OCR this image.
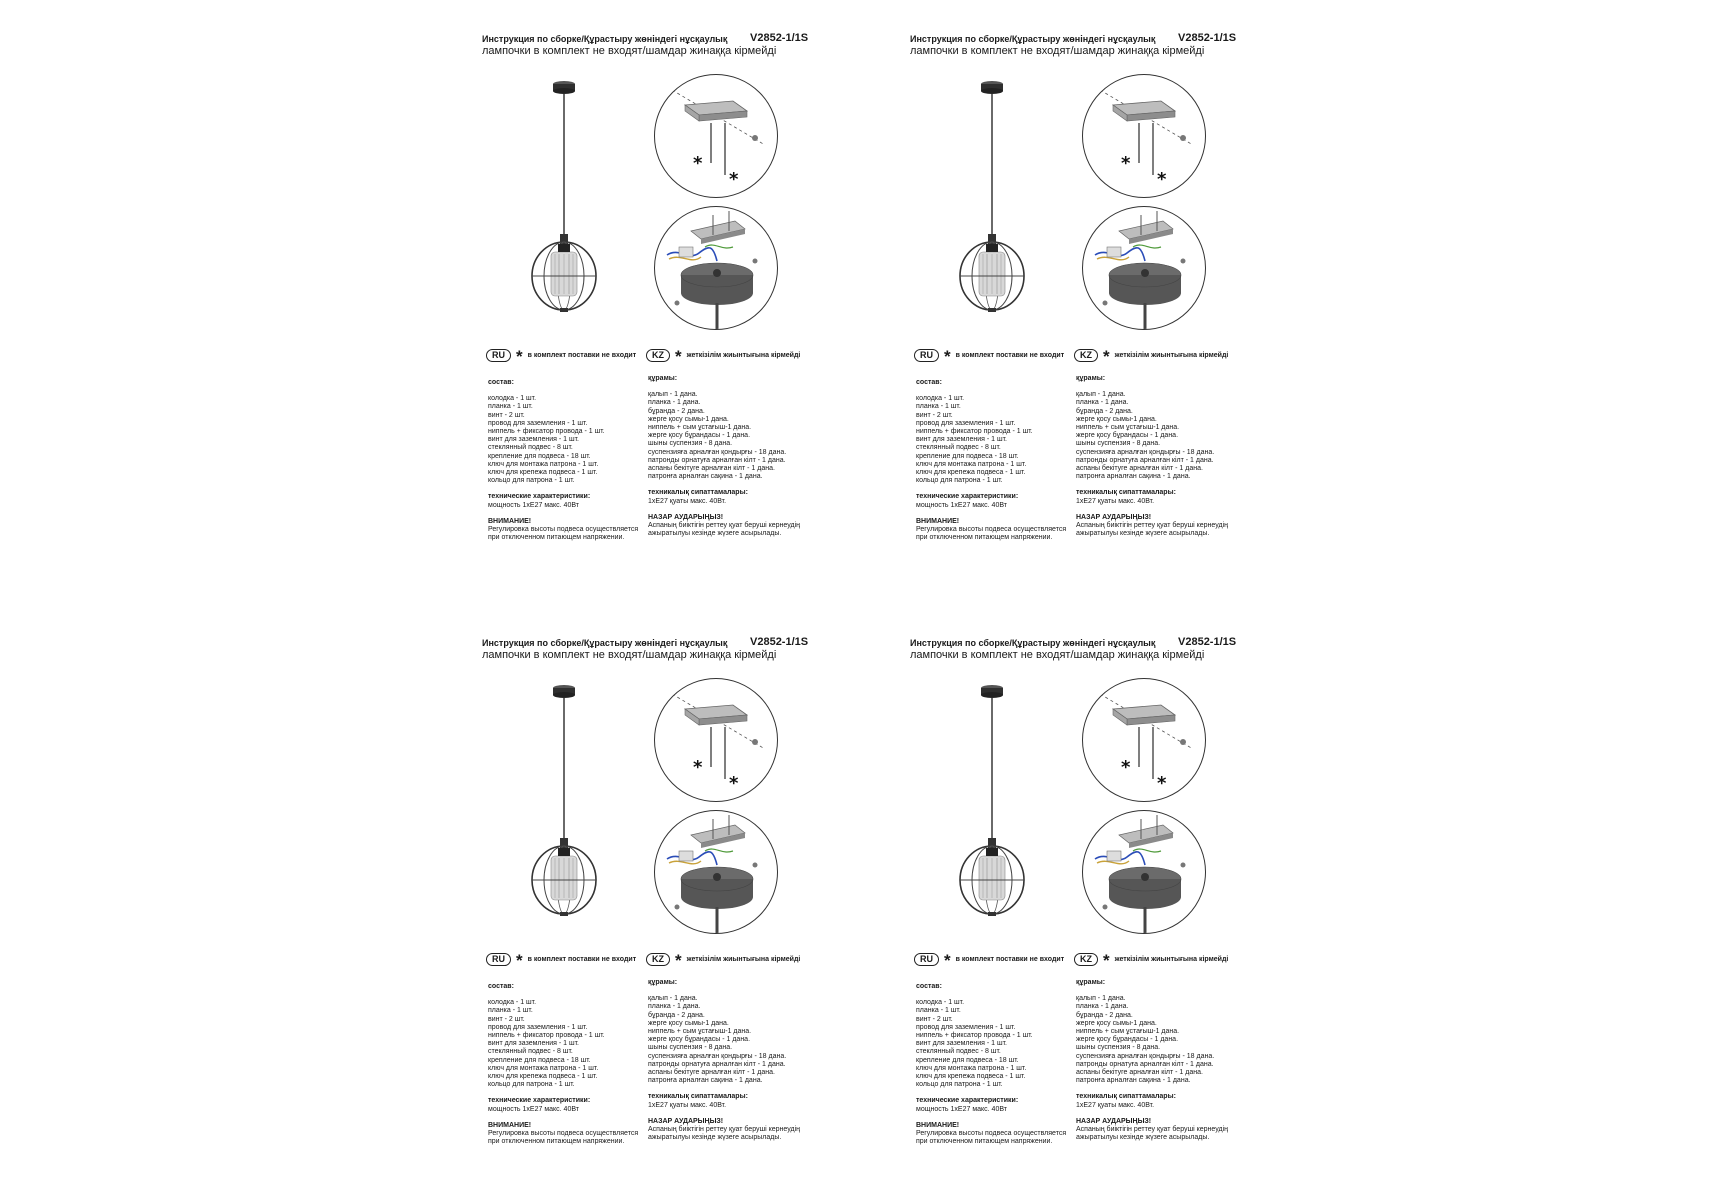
Инструкция по сборке/Құрастыру жөніндегі нұсқаулық V2852-1/1S
лампочки в комплект не входят/шамдар жинаққа кірмейді
*
*
RU * в комплект поставки не входит	KZ * жеткізілім жиынтығына кірмейді
состав:
колодка - 1 шт.
планка - 1 шт.
винт - 2 шт.
провод для заземления - 1 шт.
ниппель + фиксатор провода - 1 шт.
винт для заземления - 1 шт.
стеклянный подвес - 8 шт.
крепление для подвеса - 18 шт.
ключ для монтажа патрона - 1 шт.
ключ для крепежа подвеса - 1 шт.
кольцо для патрона - 1 шт.
технические характеристики:
мощность 1хЕ27 макс. 40Вт
ВНИМАНИЕ!
Регулировка высоты подвеса осуществляется
при отключенном питающем напряжении.
құрамы:
қалып - 1 дана.
планка - 1 дана.
бұранда - 2 дана.
жерге қосу сымы-1 дана.
ниппель + сым ұстағыш-1 дана.
жерге қосу бұрандасы - 1 дана.
шыны суспензия - 8 дана.
суспензияға арналған қондырғы - 18 дана.
патронды орнатуға арналған кілт - 1 дана.
аспаны бекітуге арналған кілт - 1 дана.
патронға арналған сақина - 1 дана.
техникалық сипаттамалары:
1хЕ27 қуаты макс. 40Вт.
НАЗАР АУДАРЫҢЫЗ!
Аспаның биіктігін реттеу қуат беруші кернеудің
ажыратылуы кезінде жүзеге асырылады.
Инструкция по сборке/Құрастыру жөніндегі нұсқаулық V2852-1/1S
лампочки в комплект не входят/шамдар жинаққа кірмейді
*
*
RU * в комплект поставки не входит	KZ * жеткізілім жиынтығына кірмейді
состав:
колодка - 1 шт.
планка - 1 шт.
винт - 2 шт.
провод для заземления - 1 шт.
ниппель + фиксатор провода - 1 шт.
винт для заземления - 1 шт.
стеклянный подвес - 8 шт.
крепление для подвеса - 18 шт.
ключ для монтажа патрона - 1 шт.
ключ для крепежа подвеса - 1 шт.
кольцо для патрона - 1 шт.
технические характеристики:
мощность 1хЕ27 макс. 40Вт
ВНИМАНИЕ!
Регулировка высоты подвеса осуществляется
при отключенном питающем напряжении.
құрамы:
қалып - 1 дана.
планка - 1 дана.
бұранда - 2 дана.
жерге қосу сымы-1 дана.
ниппель + сым ұстағыш-1 дана.
жерге қосу бұрандасы - 1 дана.
шыны суспензия - 8 дана.
суспензияға арналған қондырғы - 18 дана.
патронды орнатуға арналған кілт - 1 дана.
аспаны бекітуге арналған кілт - 1 дана.
патронға арналған сақина - 1 дана.
техникалық сипаттамалары:
1хЕ27 қуаты макс. 40Вт.
НАЗАР АУДАРЫҢЫЗ!
Аспаның биіктігін реттеу қуат беруші кернеудің
ажыратылуы кезінде жүзеге асырылады.
Инструкция по сборке/Құрастыру жөніндегі нұсқаулық V2852-1/1S
лампочки в комплект не входят/шамдар жинаққа кірмейді
*
*
RU * в комплект поставки не входит	KZ * жеткізілім жиынтығына кірмейді
состав:
колодка - 1 шт.
планка - 1 шт.
винт - 2 шт.
провод для заземления - 1 шт.
ниппель + фиксатор провода - 1 шт.
винт для заземления - 1 шт.
стеклянный подвес - 8 шт.
крепление для подвеса - 18 шт.
ключ для монтажа патрона - 1 шт.
ключ для крепежа подвеса - 1 шт.
кольцо для патрона - 1 шт.
технические характеристики:
мощность 1хЕ27 макс. 40Вт
ВНИМАНИЕ!
Регулировка высоты подвеса осуществляется
при отключенном питающем напряжении.
құрамы:
қалып - 1 дана.
планка - 1 дана.
бұранда - 2 дана.
жерге қосу сымы-1 дана.
ниппель + сым ұстағыш-1 дана.
жерге қосу бұрандасы - 1 дана.
шыны суспензия - 8 дана.
суспензияға арналған қондырғы - 18 дана.
патронды орнатуға арналған кілт - 1 дана.
аспаны бекітуге арналған кілт - 1 дана.
патронға арналған сақина - 1 дана.
техникалық сипаттамалары:
1хЕ27 қуаты макс. 40Вт.
НАЗАР АУДАРЫҢЫЗ!
Аспаның биіктігін реттеу қуат беруші кернеудің
ажыратылуы кезінде жүзеге асырылады.
Инструкция по сборке/Құрастыру жөніндегі нұсқаулық V2852-1/1S
лампочки в комплект не входят/шамдар жинаққа кірмейді
*
*
RU * в комплект поставки не входит	KZ * жеткізілім жиынтығына кірмейді
состав:
колодка - 1 шт.
планка - 1 шт.
винт - 2 шт.
провод для заземления - 1 шт.
ниппель + фиксатор провода - 1 шт.
винт для заземления - 1 шт.
стеклянный подвес - 8 шт.
крепление для подвеса - 18 шт.
ключ для монтажа патрона - 1 шт.
ключ для крепежа подвеса - 1 шт.
кольцо для патрона - 1 шт.
технические характеристики:
мощность 1хЕ27 макс. 40Вт
ВНИМАНИЕ!
Регулировка высоты подвеса осуществляется
при отключенном питающем напряжении.
құрамы:
қалып - 1 дана.
планка - 1 дана.
бұранда - 2 дана.
жерге қосу сымы-1 дана.
ниппель + сым ұстағыш-1 дана.
жерге қосу бұрандасы - 1 дана.
шыны суспензия - 8 дана.
суспензияға арналған қондырғы - 18 дана.
патронды орнатуға арналған кілт - 1 дана.
аспаны бекітуге арналған кілт - 1 дана.
патронға арналған сақина - 1 дана.
техникалық сипаттамалары:
1хЕ27 қуаты макс. 40Вт.
НАЗАР АУДАРЫҢЫЗ!
Аспаның биіктігін реттеу қуат беруші кернеудің
ажыратылуы кезінде жүзеге асырылады.
